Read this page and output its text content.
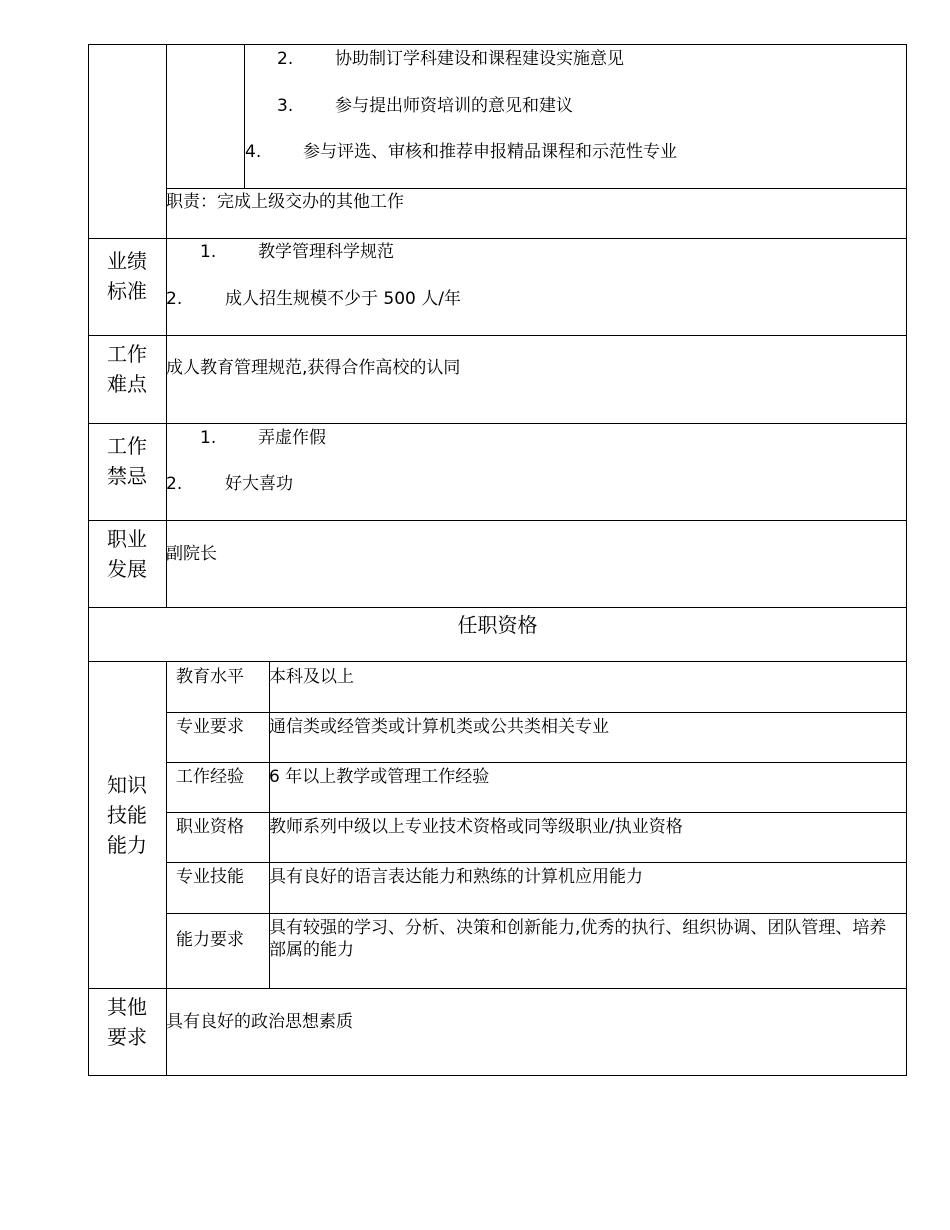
2. 协助制订学科建设和课程建设实施意见
3. 参与提出师资培训的意见和建议
4. 参与评选、审核和推荐申报精品课程和示范性专业
职责：完成上级交办的其他工作
业绩
标准
1. 教学管理科学规范
2.	成人招生规模不少于 500 人/年
工作
难点
成人教育管理规范,获得合作高校的认同
工作
禁忌
1. 弄虚作假
2.	好大喜功
职业
发展
副院长
任职资格
知识
技能
能力
教育水平 本科及以上
专业要求 通信类或经管类或计算机类或公共类相关专业
工作经验 6 年以上教学或管理工作经验
职业资格 教师系列中级以上专业技术资格或同等级职业/执业资格
专业技能 具有良好的语言表达能力和熟练的计算机应用能力
能力要求
具有较强的学习、分析、决策和创新能力,优秀的执行、组织协调、团队管理、培养部属的能力
其他
要求
具有良好的政治思想素质
